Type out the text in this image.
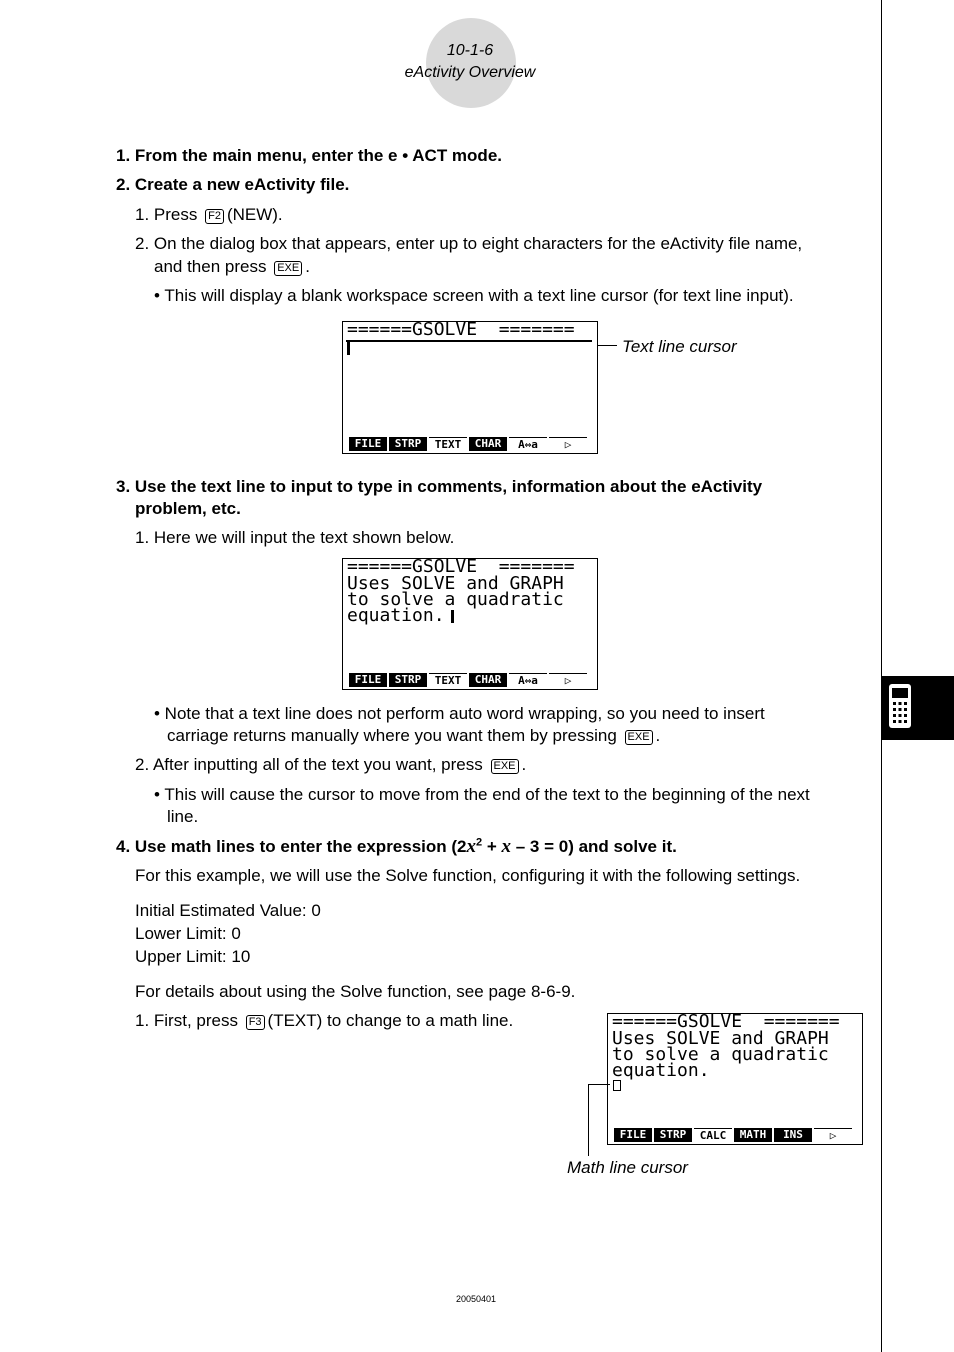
10-1-6
eActivity Overview
1. From the main menu, enter the e • ACT mode.
2. Create a new eActivity file.
1. Press F2 (NEW).
2. On the dialog box that appears, enter up to eight characters for the eActivity file name,
and then press EXE .
• This will display a blank workspace screen with a text line cursor (for text line input).
======GSOLVE  =======
FILE	STRP	TEXT	CHAR	A⇔a	▷
Text line cursor
3. Use the text line to input to type in comments, information about the eActivity
problem, etc.
1. Here we will input the text shown below.
======GSOLVE  =======
Uses SOLVE and GRAPH
to solve a quadratic
equation.
FILE	STRP	TEXT	CHAR	A⇔a	▷
• Note that a text line does not perform auto word wrapping, so you need to insert
carriage returns manually where you want them by pressing EXE .
2. After inputting all of the text you want, press EXE .
• This will cause the cursor to move from the end of the text to the beginning of the next
line.
4. Use math lines to enter the expression $(2x^2 + x - 3 = 0)$ and solve it.
For this example, we will use the Solve function, configuring it with the following settings.
Initial Estimated Value: 0
Lower Limit: 0
Upper Limit: 10
For details about using the Solve function, see page 8-6-9.
1. First, press F3 (TEXT) to change to a math line.	======GSOLVE  =======
Uses SOLVE and GRAPH
to solve a quadratic
equation.
FILE	STRP	CALC	MATH	INS	▷
Math line cursor
20050401
